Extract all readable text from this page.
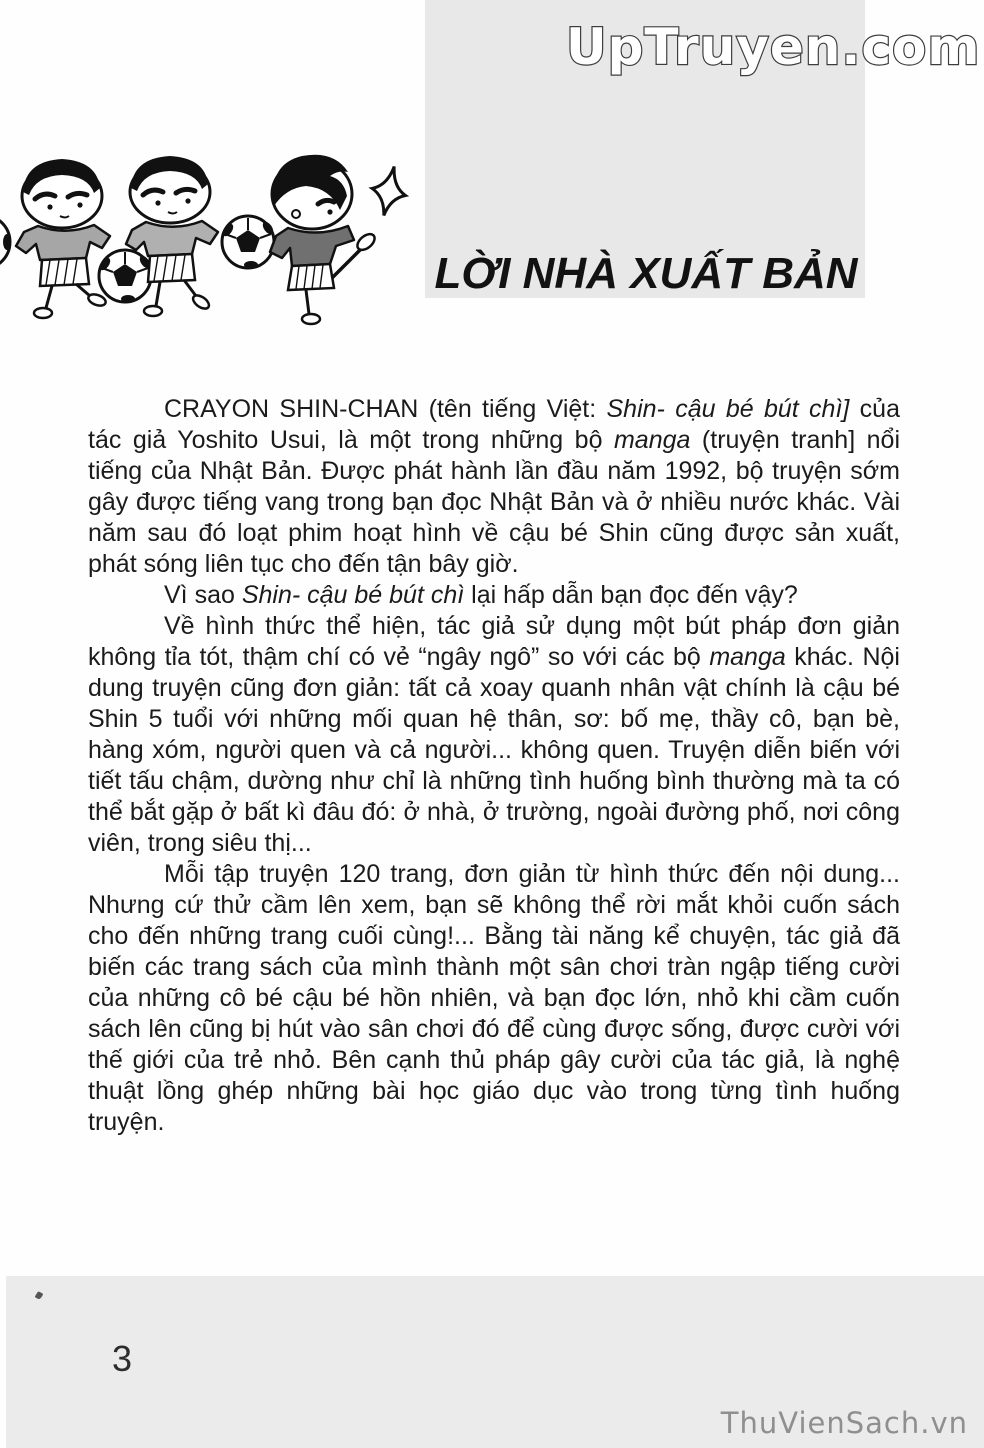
UpTruyen.com
LỜI NHÀ XUẤT BẢN

CRAYON SHIN-CHAN (tên tiếng Việt: Shin- cậu bé bút chì] của tác giả Yoshito Usui, là một trong những bộ manga (truyện tranh] nổi tiếng của Nhật Bản. Được phát hành lần đầu năm 1992, bộ truyện sớm gây được tiếng vang trong bạn đọc Nhật Bản và ở nhiều nước khác. Vài năm sau đó loạt phim hoạt hình về cậu bé Shin cũng được sản xuất, phát sóng liên tục cho đến tận bây giờ.

Vì sao Shin- cậu bé bút chì lại hấp dẫn bạn đọc đến vậy?

Về hình thức thể hiện, tác giả sử dụng một bút pháp đơn giản không tỉa tót, thậm chí có vẻ “ngây ngô” so với các bộ manga khác. Nội dung truyện cũng đơn giản: tất cả xoay quanh nhân vật chính là cậu bé Shin 5 tuổi với những mối quan hệ thân, sơ: bố mẹ, thầy cô, bạn bè, hàng xóm, người quen và cả người... không quen. Truyện diễn biến với tiết tấu chậm, dường như chỉ là những tình huống bình thường mà ta có thể bắt gặp ở bất kì đâu đó: ở nhà, ở trường, ngoài đường phố, nơi công viên, trong siêu thị...

Mỗi tập truyện 120 trang, đơn giản từ hình thức đến nội dung... Nhưng cứ thử cầm lên xem, bạn sẽ không thể rời mắt khỏi cuốn sách cho đến những trang cuối cùng!... Bằng tài năng kể chuyện, tác giả đã biến các trang sách của mình thành một sân chơi tràn ngập tiếng cười của những cô bé cậu bé hồn nhiên, và bạn đọc lớn, nhỏ khi cầm cuốn sách lên cũng bị hút vào sân chơi đó để cùng được sống, được cười với thế giới của trẻ nhỏ. Bên cạnh thủ pháp gây cười của tác giả, là nghệ thuật lồng ghép những bài học giáo dục vào trong từng tình huống truyện.

3
ThuVienSach.vn
